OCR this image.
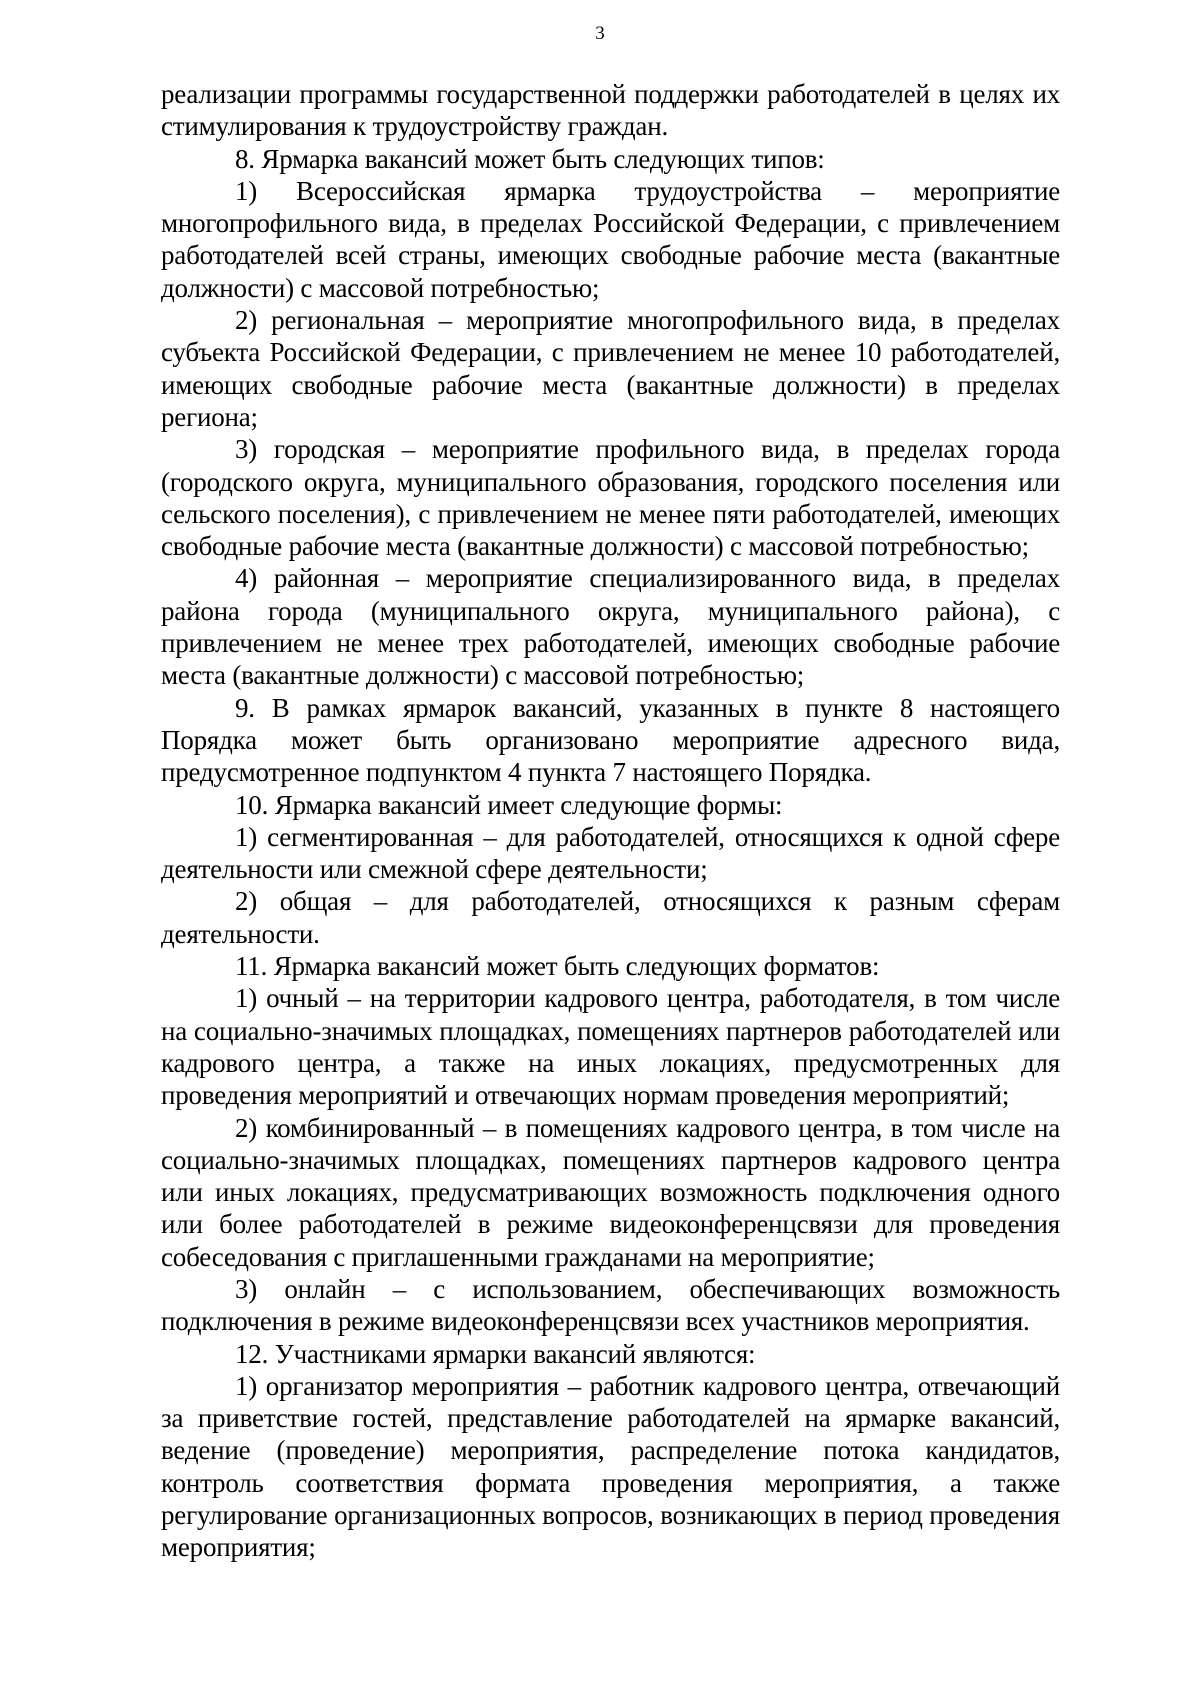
3

реализации программы государственной поддержки работодателей в целях их стимулирования к трудоустройству граждан.

8. Ярмарка вакансий может быть следующих типов:

1) Всероссийская ярмарка трудоустройства – мероприятие многопрофильного вида, в пределах Российской Федерации, с привлечением работодателей всей страны, имеющих свободные рабочие места (вакантные должности) с массовой потребностью;

2) региональная – мероприятие многопрофильного вида, в пределах субъекта Российской Федерации, с привлечением не менее 10 работодателей, имеющих свободные рабочие места (вакантные должности) в пределах региона;

3) городская – мероприятие профильного вида, в пределах города (городского округа, муниципального образования, городского поселения или сельского поселения), с привлечением не менее пяти работодателей, имеющих свободные рабочие места (вакантные должности) с массовой потребностью;

4) районная – мероприятие специализированного вида, в пределах района города (муниципального округа, муниципального района), с привлечением не менее трех работодателей, имеющих свободные рабочие места (вакантные должности) с массовой потребностью;

9. В рамках ярмарок вакансий, указанных в пункте 8 настоящего Порядка может быть организовано мероприятие адресного вида, предусмотренное подпунктом 4 пункта 7 настоящего Порядка.

10. Ярмарка вакансий имеет следующие формы:

1) сегментированная – для работодателей, относящихся к одной сфере деятельности или смежной сфере деятельности;

2) общая – для работодателей, относящихся к разным сферам деятельности.

11. Ярмарка вакансий может быть следующих форматов:

1) очный – на территории кадрового центра, работодателя, в том числе на социально-значимых площадках, помещениях партнеров работодателей или кадрового центра, а также на иных локациях, предусмотренных для проведения мероприятий и отвечающих нормам проведения мероприятий;

2) комбинированный – в помещениях кадрового центра, в том числе на социально-значимых площадках, помещениях партнеров кадрового центра или иных локациях, предусматривающих возможность подключения одного или более работодателей в режиме видеоконференцсвязи для проведения собеседования с приглашенными гражданами на мероприятие;

3) онлайн – с использованием, обеспечивающих возможность подключения в режиме видеоконференцсвязи всех участников мероприятия.

12. Участниками ярмарки вакансий являются:

1) организатор мероприятия – работник кадрового центра, отвечающий за приветствие гостей, представление работодателей на ярмарке вакансий, ведение (проведение) мероприятия, распределение потока кандидатов, контроль соответствия формата проведения мероприятия, а также регулирование организационных вопросов, возникающих в период проведения мероприятия;
